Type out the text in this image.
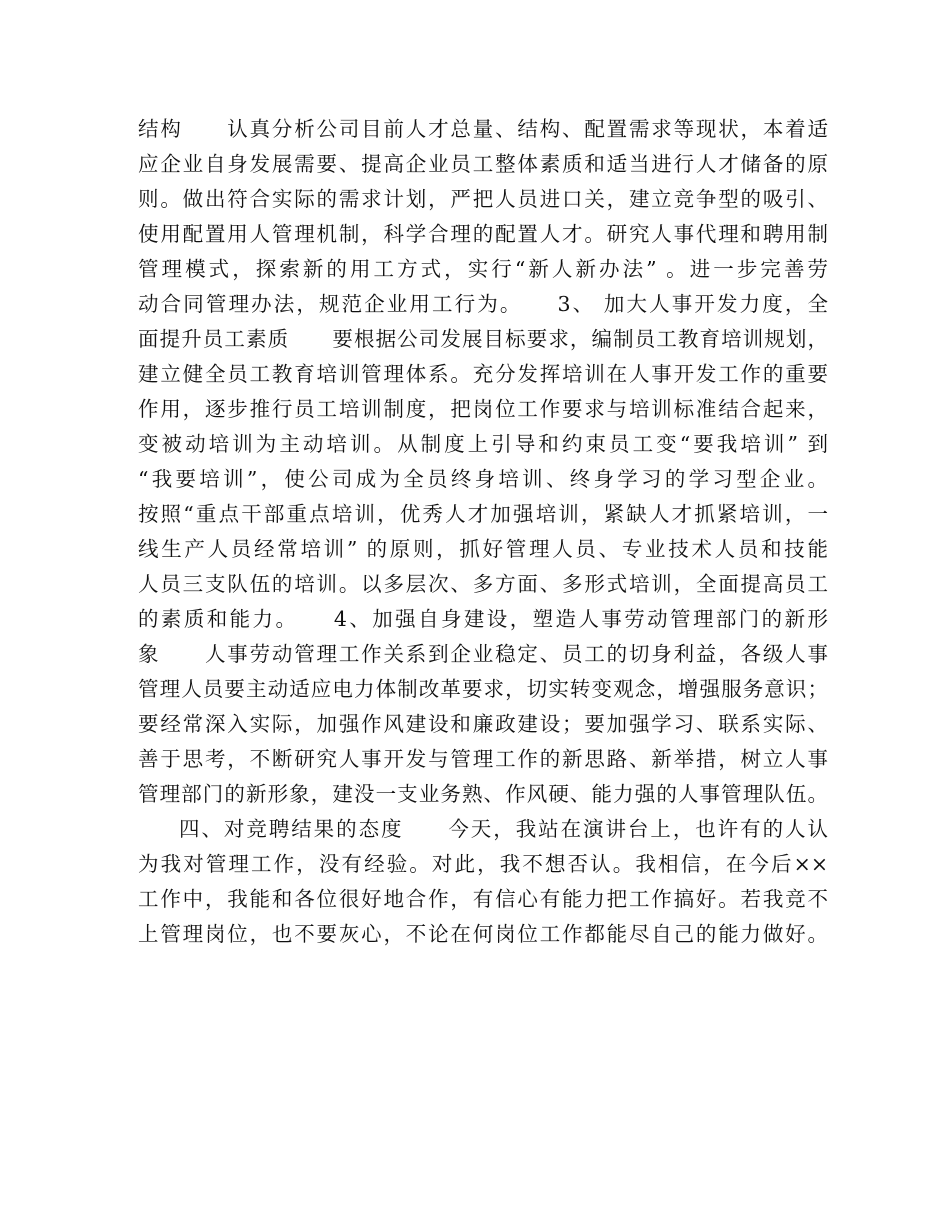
结构　　认真分析公司目前人才总量、结构、配置需求等现状，本着适
应企业自身发展需要、提高企业员工整体素质和适当进行人才储备的原
则。做出符合实际的需求计划，严把人员进口关，建立竞争型的吸引、
使用配置用人管理机制，科学合理的配置人才。研究人事代理和聘用制
管理模式，探索新的用工方式，实行“新人新办法” 。进一步完善劳
动合同管理办法，规范企业用工行为。　　3、 加大人事开发力度，全
面提升员工素质　　要根据公司发展目标要求，编制员工教育培训规划，
建立健全员工教育培训管理体系。充分发挥培训在人事开发工作的重要
作用，逐步推行员工培训制度，把岗位工作要求与培训标准结合起来，
变被动培训为主动培训。从制度上引导和约束员工变“要我培训” 到
“我要培训”，使公司成为全员终身培训、终身学习的学习型企业。
按照“重点干部重点培训，优秀人才加强培训，紧缺人才抓紧培训，一
线生产人员经常培训” 的原则，抓好管理人员、专业技术人员和技能
人员三支队伍的培训。以多层次、多方面、多形式培训，全面提高员工
的素质和能力。　　4、加强自身建设，塑造人事劳动管理部门的新形
象　　人事劳动管理工作关系到企业稳定、员工的切身利益，各级人事
管理人员要主动适应电力体制改革要求，切实转变观念，增强服务意识；
要经常深入实际，加强作风建设和廉政建设；要加强学习、联系实际、
善于思考，不断研究人事开发与管理工作的新思路、新举措，树立人事
管理部门的新形象，建没一支业务熟、作风硬、能力强的人事管理队伍。
四、对竞聘结果的态度　　今天，我站在演讲台上，也许有的人认
为我对管理工作，没有经验。对此，我不想否认。我相信，在今后××
工作中，我能和各位很好地合作，有信心有能力把工作搞好。若我竞不
上管理岗位，也不要灰心，不论在何岗位工作都能尽自己的能力做好。
